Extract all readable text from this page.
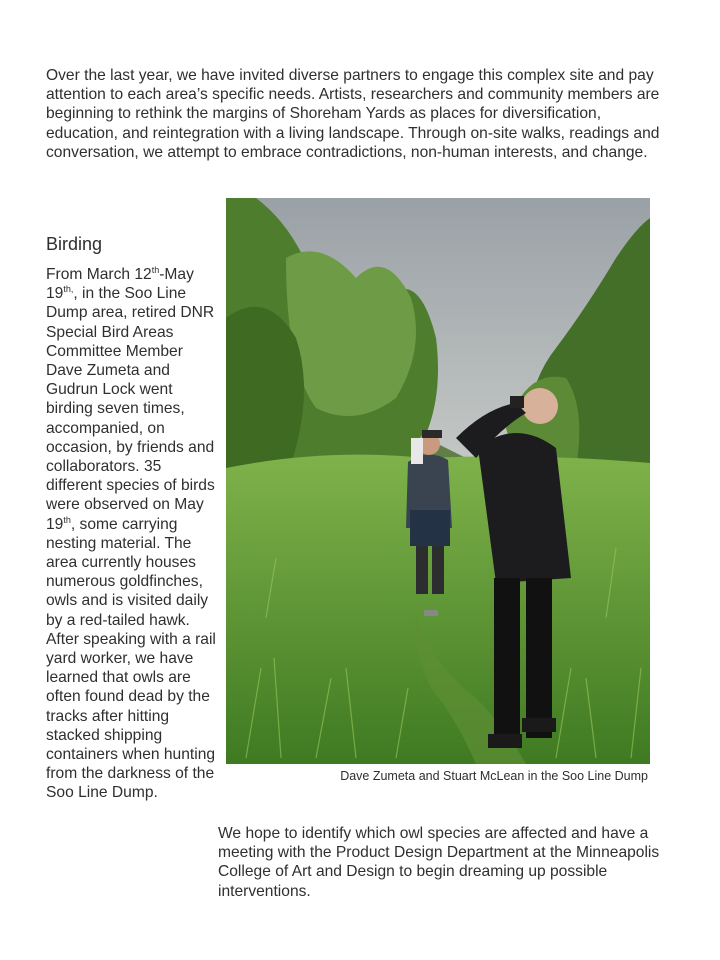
Over the last year, we have invited diverse partners to engage this complex site and pay attention to each area’s specific needs. Artists, researchers and community members are beginning to rethink the margins of Shoreham Yards as places for diversification, education, and reintegration with a living landscape. Through on-site walks, readings and conversation, we attempt to embrace contradictions, non-human interests, and change.

Birding

From March 12th-May $19^{th,}$, in the Soo Line Dump area, retired DNR Special Bird Areas Committee Member Dave Zumeta and Gudrun Lock went birding seven times, accompanied, on occasion, by friends and collaborators. 35 different species of birds were observed on May 19th, some carrying nesting material. The area currently houses numerous goldfinches, owls and is visited daily by a red-tailed hawk. After speaking with a rail yard worker, we have learned that owls are often found dead by the tracks after hitting stacked shipping containers when hunting from the darkness of the Soo Line Dump.

Dave Zumeta and Stuart McLean in the Soo Line Dump

We hope to identify which owl species are affected and have a meeting with the Product Design Department at the Minneapolis College of Art and Design to begin dreaming up possible interventions.
